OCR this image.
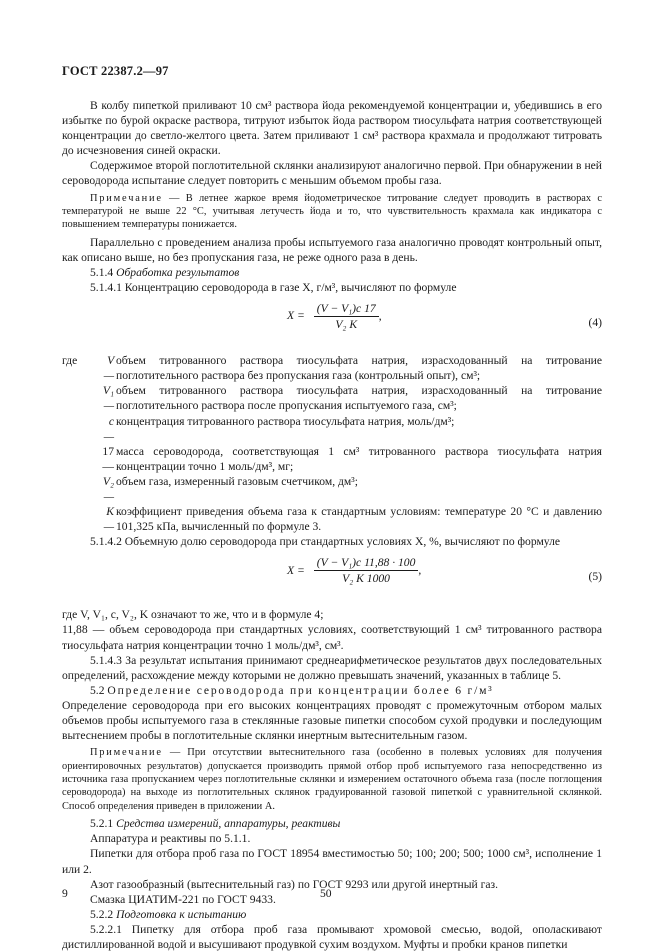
ГОСТ 22387.2—97

В колбу пипеткой приливают 10 см³ раствора йода рекомендуемой концентрации и, убедившись в его избытке по бурой окраске раствора, титруют избыток йода раствором тиосульфата натрия соответствующей концентрации до светло-желтого цвета. Затем приливают 1 см³ раствора крахмала и продолжают титровать до исчезновения синей окраски.

Содержимое второй поглотительной склянки анализируют аналогично первой. При обнаружении в ней сероводорода испытание следует повторить с меньшим объемом пробы газа.

Примечание — В летнее жаркое время йодометрическое титрование следует проводить в растворах с температурой не выше 22 °С, учитывая летучесть йода и то, что чувствительность крахмала как индикатора с повышением температуры понижается.

Параллельно с проведением анализа пробы испытуемого газа аналогично проводят контрольный опыт, как описано выше, но без пропускания газа, не реже одного раза в день.

5.1.4 Обработка результатов

5.1.4.1 Концентрацию сероводорода в газе X, г/м³, вычисляют по формуле

$X = \frac{\text{(V − V₁)c 17}}{\text{V₂ K}}$ ,
(4)
где	V —
объем титрованного раствора тиосульфата натрия, израсходованный на титрование поглотительного раствора без пропускания газа (контрольный опыт), см³;
V₁ —
объем титрованного раствора тиосульфата натрия, израсходованный на титрование поглотительного раствора после пропускания испытуемого газа, см³;
c —
концентрация титрованного раствора тиосульфата натрия, моль/дм³;
17 —
масса сероводорода, соответствующая 1 см³ титрованного раствора тиосульфата натрия концентрации точно 1 моль/дм³, мг;
V₂ —
объем газа, измеренный газовым счетчиком, дм³;
K —
коэффициент приведения объема газа к стандартным условиям: температуре 20 °С и давлению 101,325 кПа, вычисленный по формуле 3.

5.1.4.2 Объемную долю сероводорода при стандартных условиях X, %, вычисляют по формуле

$X = \frac{\text{(V − V₁)c 11,88 · 100}}{\text{V₂ K 1000}}$ ,
(5)

где V, V₁, c, V₂, K означают то же, что и в формуле 4;

11,88 — объем сероводорода при стандартных условиях, соответствующий 1 см³ титрованного раствора тиосульфата натрия концентрации точно 1 моль/дм³, см³.

5.1.4.3 За результат испытания принимают среднеарифметическое результатов двух последовательных определений, расхождение между которыми не должно превышать значений, указанных в таблице 5.

5.2 Определение сероводорода при концентрации более 6 г/м³

Определение сероводорода при его высоких концентрациях проводят с промежуточным отбором малых объемов пробы испытуемого газа в стеклянные газовые пипетки способом сухой продувки и последующим вытеснением пробы в поглотительные склянки инертным вытеснительным газом.

Примечание — При отсутствии вытеснительного газа (особенно в полевых условиях для получения ориентировочных результатов) допускается производить прямой отбор проб испытуемого газа непосредственно из источника газа пропусканием через поглотительные склянки и измерением остаточного объема газа (после поглощения сероводорода) на выходе из поглотительных склянок градуированной газовой пипеткой с уравнительной склянкой. Способ определения приведен в приложении А.

5.2.1 Средства измерений, аппаратуры, реактивы

Аппаратура и реактивы по 5.1.1.

Пипетки для отбора проб газа по ГОСТ 18954 вместимостью 50; 100; 200; 500; 1000 см³, исполнение 1 или 2.

Азот газообразный (вытеснительный газ) по ГОСТ 9293 или другой инертный газ.

Смазка ЦИАТИМ-221 по ГОСТ 9433.

5.2.2 Подготовка к испытанию

5.2.2.1 Пипетку для отбора проб газа промывают хромовой смесью, водой, ополаскивают дистиллированной водой и высушивают продувкой сухим воздухом. Муфты и пробки кранов пипетки

9	50
